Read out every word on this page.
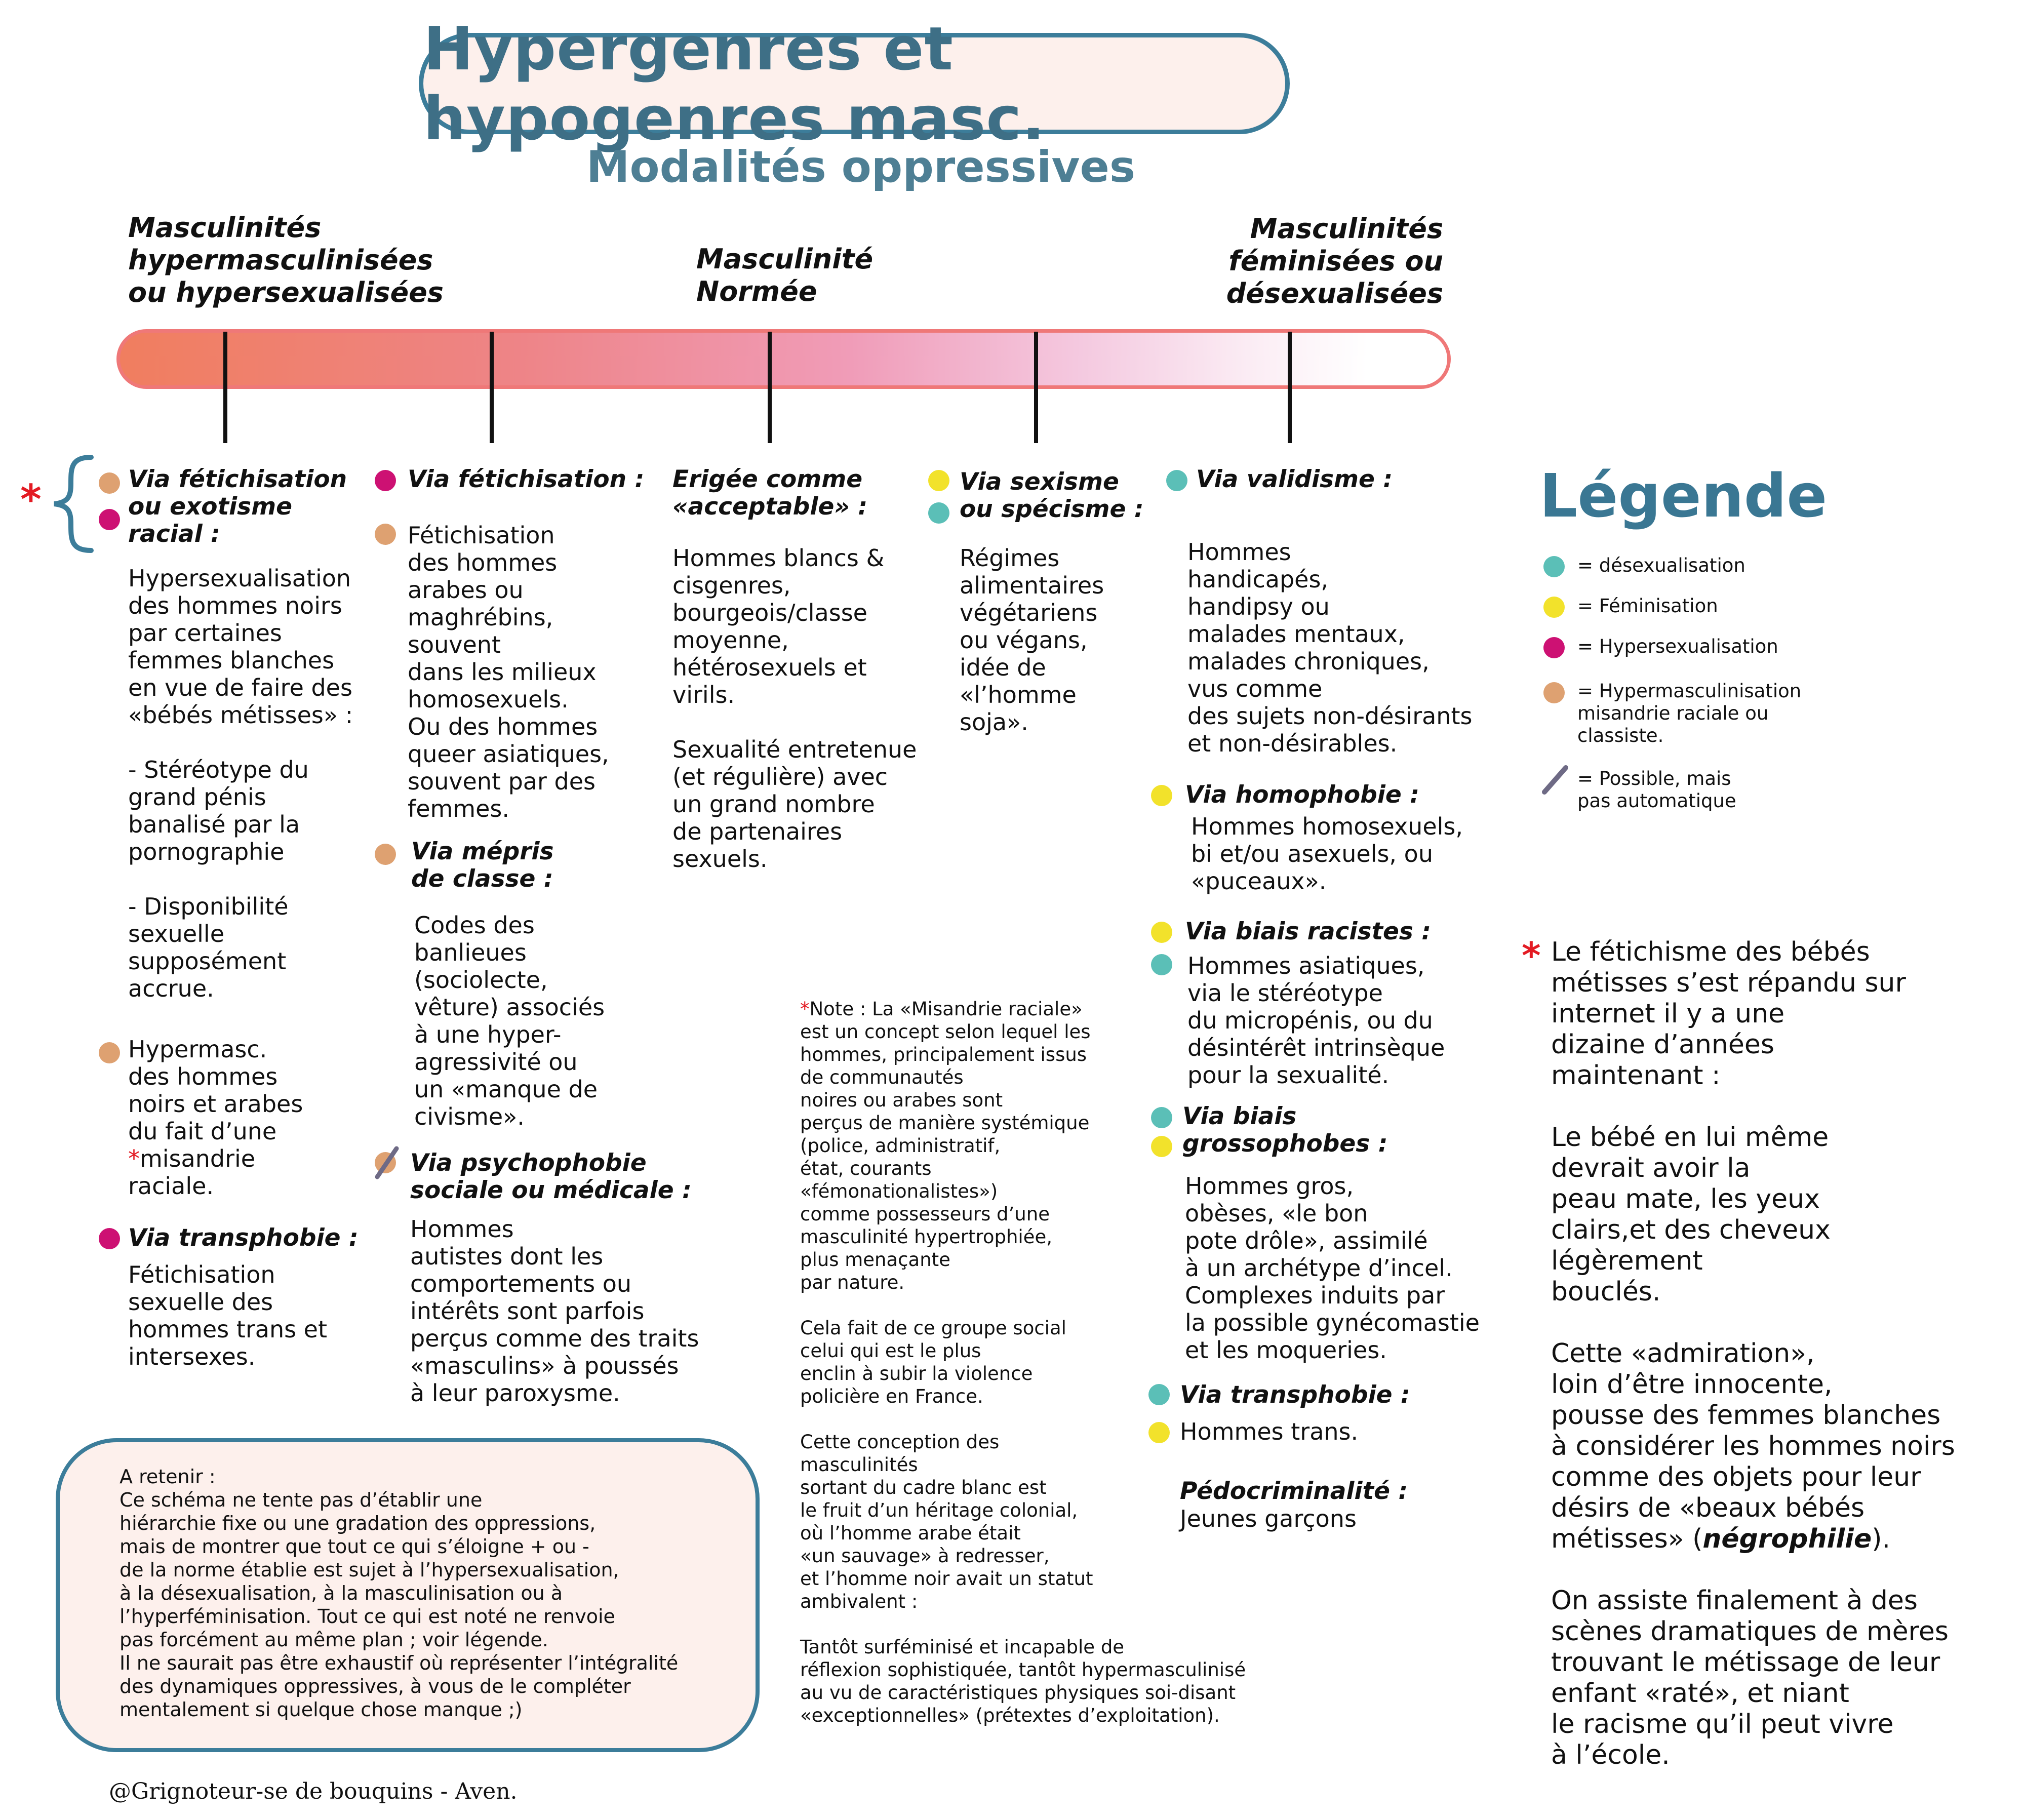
Hypergenres et hypogenres masc.
Modalités oppressives
Masculinités
hypermasculinisées
ou hypersexualisées
Masculinité
Normée
Masculinités
féminisées ou
désexualisées
*	Via fétichisation
ou exotisme
racial :
Hypersexualisation
des hommes noirs
par certaines
femmes blanches
en vue de faire des
«bébés métisses» :

- Stéréotype du
grand pénis
banalisé par la
pornographie

- Disponibilité
sexuelle
supposément
accrue.
Hypermasc.
des hommes
noirs et arabes
du fait d’une
*misandrie
raciale.
Via transphobie :
Fétichisation
sexuelle des
hommes trans et
intersexes.
Via fétichisation :
Fétichisation
des hommes
arabes ou
maghrébins,
souvent
dans les milieux
homosexuels.
Ou des hommes
queer asiatiques,
souvent par des
femmes.
Via mépris
de classe :
Codes des
banlieues
(sociolecte,
vêture) associés
à une hyper-
agressivité ou
un «manque de
civisme».
Via psychophobie
sociale ou médicale :
Hommes
autistes dont les
comportements ou
intérêts sont parfois
perçus comme des traits
«masculins» à poussés
à leur paroxysme.
Erigée comme
«acceptable» :
Hommes blancs &
cisgenres,
bourgeois/classe
moyenne,
hétérosexuels et
virils.

Sexualité entretenue
(et régulière) avec
un grand nombre
de partenaires
sexuels.
*Note : La «Misandrie raciale»
est un concept selon lequel les
hommes, principalement issus
de communautés
noires ou arabes sont
perçus de manière systémique
(police, administratif,
état, courants
«fémonationalistes»)
comme possesseurs d’une
masculinité hypertrophiée,
plus menaçante
par nature.

Cela fait de ce groupe social
celui qui est le plus
enclin à subir la violence
policière en France.

Cette conception des
masculinités
sortant du cadre blanc est
le fruit d’un héritage colonial,
où l’homme arabe était
«un sauvage» à redresser,
et l’homme noir avait un statut
ambivalent :

Tantôt surféminisé et incapable de
réflexion sophistiquée, tantôt hypermasculinisé
au vu de caractéristiques physiques soi-disant
«exceptionnelles» (prétextes d’exploitation).
Via sexisme
ou spécisme :
Régimes
alimentaires
végétariens
ou végans,
idée de
«l’homme
soja».
Via validisme :
Hommes
handicapés,
handipsy ou
malades mentaux,
malades chroniques,
vus comme
des sujets non-désirants
et non-désirables.
Via homophobie :
Hommes homosexuels,
bi et/ou asexuels, ou
«puceaux».
Via biais racistes :
Hommes asiatiques,
via le stéréotype
du micropénis, ou du
désintérêt intrinsèque
pour la sexualité.
Via biais
grossophobes :
Hommes gros,
obèses, «le bon
pote drôle», assimilé
à un archétype d’incel.
Complexes induits par
la possible gynécomastie
et les moqueries.
Via transphobie :
Hommes trans.
Pédocriminalité :
Jeunes garçons
A retenir :
Ce schéma ne tente pas d’établir une
hiérarchie fixe ou une gradation des oppressions,
mais de montrer que tout ce qui s’éloigne + ou -
de la norme établie est sujet à l’hypersexualisation,
à la désexualisation, à la masculinisation ou à
l’hyperféminisation. Tout ce qui est noté ne renvoie
pas forcément au même plan ; voir légende.
Il ne saurait pas être exhaustif où représenter l’intégralité
des dynamiques oppressives, à vous de le compléter
mentalement si quelque chose manque ;)
Légende
= désexualisation
= Féminisation
= Hypersexualisation
= Hypermasculinisation
misandrie raciale ou
classiste.
= Possible, mais
pas automatique
* Le fétichisme des bébés
métisses s’est répandu sur
internet il y a une
dizaine d’années
maintenant :

Le bébé en lui même
devrait avoir la
peau mate, les yeux
clairs,et des cheveux
légèrement
bouclés.

Cette «admiration»,
loin d’être innocente,
pousse des femmes blanches
à considérer les hommes noirs
comme des objets pour leur
désirs de «beaux bébés
métisses» (négrophilie).

On assiste finalement à des
scènes dramatiques de mères
trouvant le métissage de leur
enfant «raté», et niant
le racisme qu’il peut vivre
à l’école.
@Grignoteur-se de bouquins - Aven.
